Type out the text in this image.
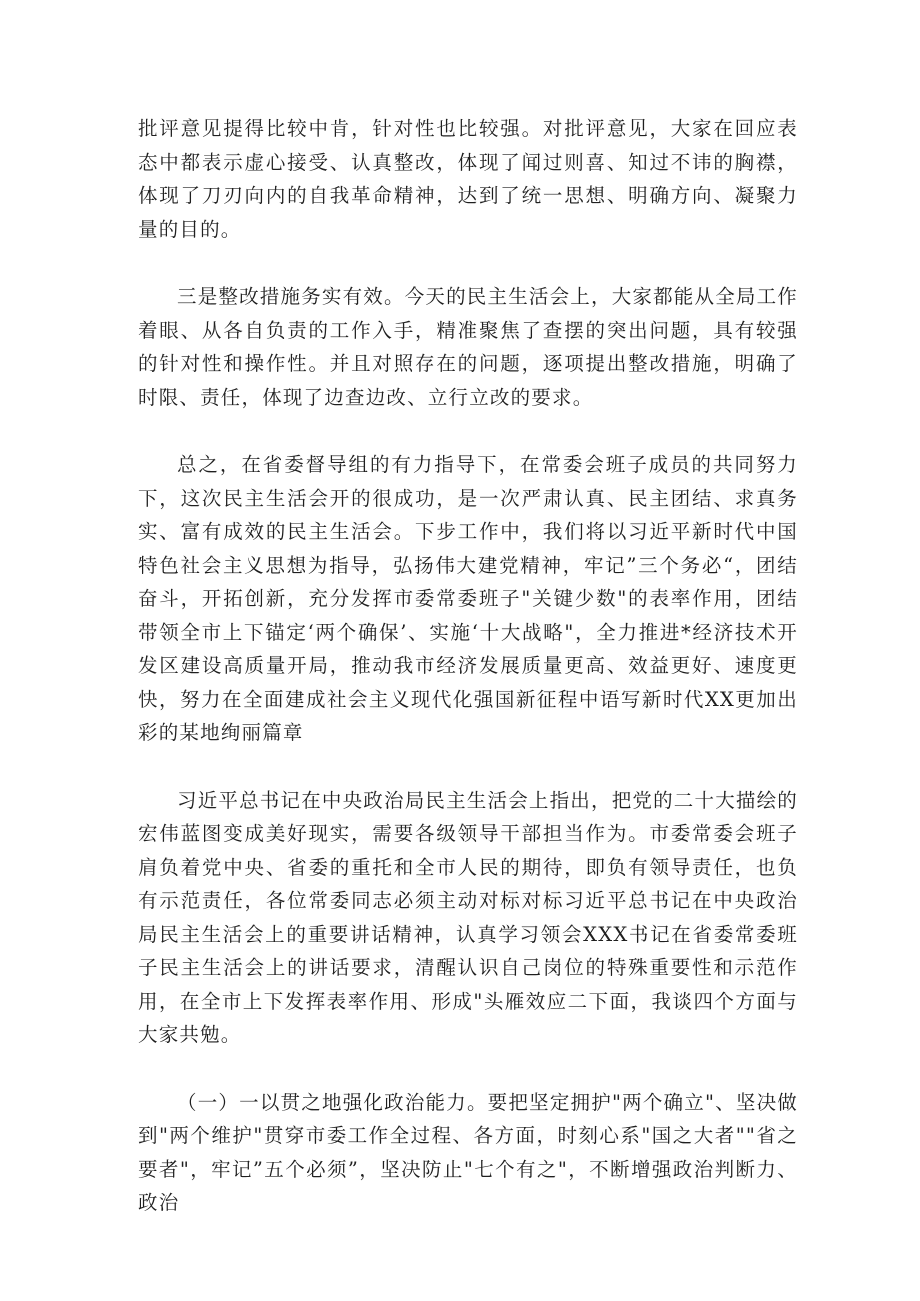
批评意见提得比较中肯，针对性也比较强。对批评意见，大家在回应表态中都表示虚心接受、认真整改，体现了闻过则喜、知过不讳的胸襟，体现了刀刃向内的自我革命精神，达到了统一思想、明确方向、凝聚力量的目的。

三是整改措施务实有效。今天的民主生活会上，大家都能从全局工作着眼、从各自负责的工作入手，精准聚焦了查摆的突出问题，具有较强的针对性和操作性。并且对照存在的问题，逐项提出整改措施，明确了时限、责任，体现了边查边改、立行立改的要求。

总之，在省委督导组的有力指导下，在常委会班子成员的共同努力下，这次民主生活会开的很成功，是一次严肃认真、民主团结、求真务实、富有成效的民主生活会。下步工作中，我们将以习近平新时代中国特色社会主义思想为指导，弘扬伟大建党精神，牢记”三个务必“，团结奋斗，开拓创新，充分发挥市委常委班子"关键少数"的表率作用，团结带领全市上下锚定‘两个确保’、实施‘十大战略"，全力推进*经济技术开发区建设高质量开局，推动我市经济发展质量更高、效益更好、速度更快，努力在全面建成社会主义现代化强国新征程中语写新时代XX更加出彩的某地绚丽篇章

习近平总书记在中央政治局民主生活会上指出，把党的二十大描绘的宏伟蓝图变成美好现实，需要各级领导干部担当作为。市委常委会班子肩负着党中央、省委的重托和全市人民的期待，即负有领导责任，也负有示范责任，各位常委同志必须主动对标对标习近平总书记在中央政治局民主生活会上的重要讲话精神，认真学习领会XXX书记在省委常委班子民主生活会上的讲话要求，清醒认识自己岗位的特殊重要性和示范作用，在全市上下发挥表率作用、形成"头雁效应二下面，我谈四个方面与大家共勉。

（一）一以贯之地强化政治能力。要把坚定拥护"两个确立"、坚决做到"两个维护"贯穿市委工作全过程、各方面，时刻心系"国之大者""省之要者"，牢记”五个必须”，坚决防止"七个有之"，不断增强政治判断力、政治
